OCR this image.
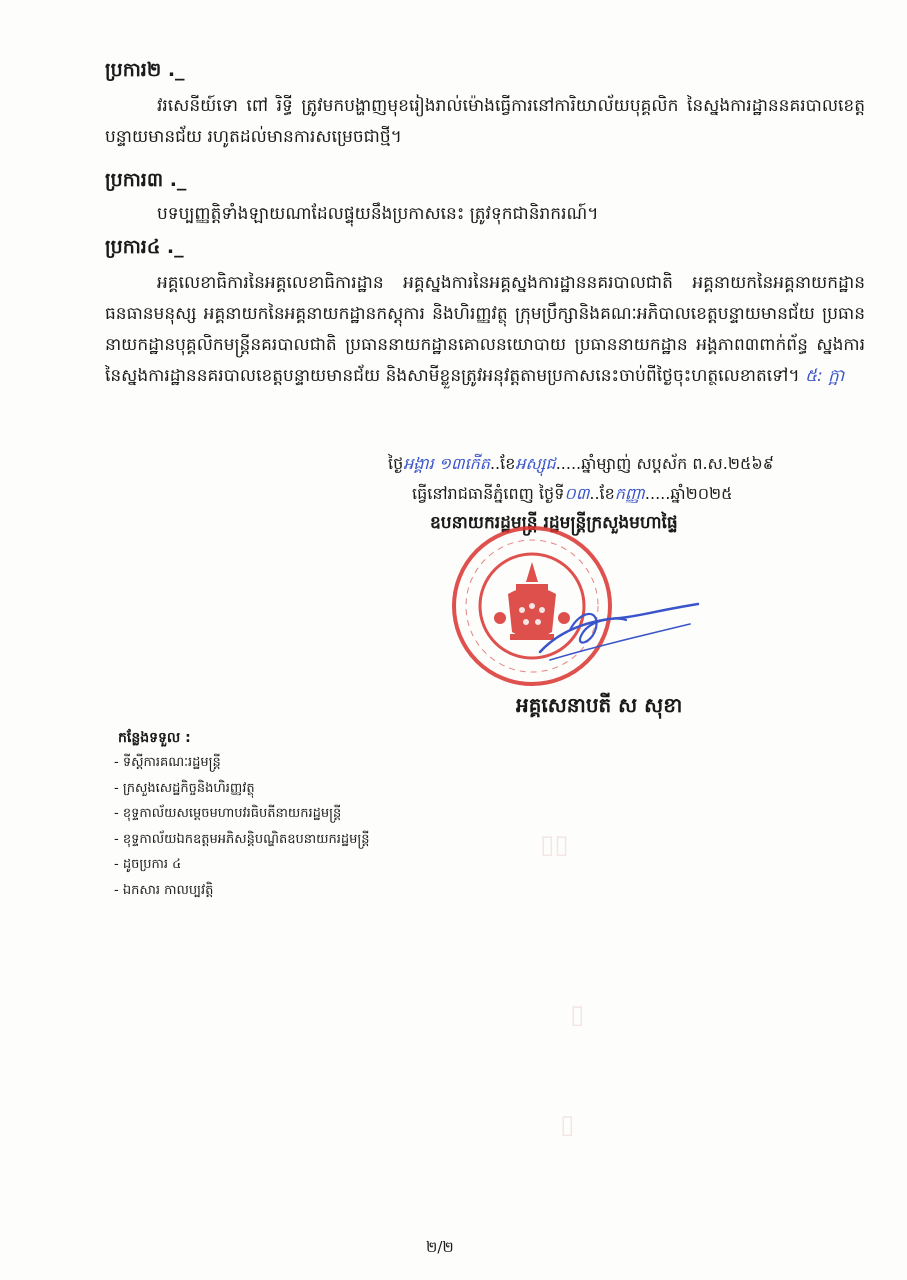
ប្រការ២ ._
វរសេនីយ៍ទោ ពៅ រិទ្ធី ត្រូវមកបង្ហាញមុខរៀងរាល់ម៉ោងធ្វើការនៅការិយាល័យបុគ្គលិក នៃស្នងការដ្ឋាននគរបាលខេត្តបន្ទាយមានជ័យ រហូតដល់មានការសម្រេចជាថ្មី។
ប្រការ៣ ._
បទប្បញ្ញត្តិទាំងឡាយណាដែលផ្ទុយនឹងប្រកាសនេះ ត្រូវទុកជានិរាករណ៍។
ប្រការ៤ ._
អគ្គលេខាធិការនៃអគ្គលេខាធិការដ្ឋាន អគ្គស្នងការនៃអគ្គស្នងការដ្ឋាននគរបាលជាតិ អគ្គនាយកនៃអគ្គនាយកដ្ឋានធនធានមនុស្ស អគ្គនាយកនៃអគ្គនាយកដ្ឋានកស្តុការ និងហិរញ្ញវត្ថុ ក្រុមប្រឹក្សានិងគណៈអភិបាលខេត្តបន្ទាយមានជ័យ ប្រធាននាយកដ្ឋានបុគ្គលិកមន្ត្រីនគរបាលជាតិ ប្រធាននាយកដ្ឋានគោលនយោបាយ ប្រធាននាយកដ្ឋាន អង្គភាព៣ពាក់ព័ន្ធ ស្នងការនៃស្នងការដ្ឋាននគរបាលខេត្តបន្ទាយមានជ័យ និងសាមីខ្លួនត្រូវអនុវត្តតាមប្រកាសនេះចាប់ពីថ្ងៃចុះហត្ថលេខាតទៅ។ ៥: ក្អា
ថ្ងៃអង្គារ ១៣កើត..ខែអស្សុជ.....ឆ្នាំម្សាញ់ សប្តស័ក ព.ស.២៥៦៩
ធ្វើនៅរាជធានីភ្នំពេញ ថ្ងៃទី០៣..ខែកញ្ញា.....ឆ្នាំ២០២៥
ឧបនាយករដ្ឋមន្ត្រី រដ្ឋមន្ត្រីក្រសួងមហាផ្ទៃ
អគ្គសេនាបតី ស សុខា
កន្លែងទទួល :
- ទីស្តីការគណៈរដ្ឋមន្ត្រី
- ក្រសួងសេដ្ឋកិច្ចនិងហិរញ្ញវត្ថុ
- ខុទ្ទកាល័យសម្តេចមហាបវរធិបតីនាយករដ្ឋមន្ត្រី
- ខុទ្ទកាល័យឯកឧត្តមអភិសន្តិបណ្ឌិតឧបនាយករដ្ឋមន្ត្រី
- ដូចប្រការ ៤
- ឯកសារ កាលប្បវត្តិ
▯▯
▯
▯
២/២
